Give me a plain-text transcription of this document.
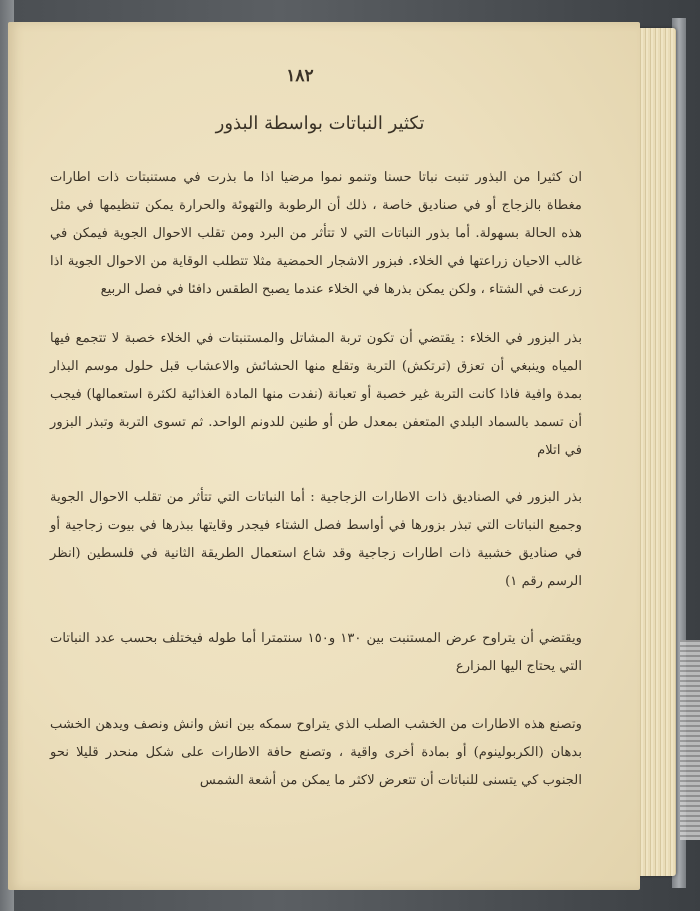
١٨٢
تكثير النباتات بواسطة البذور
ان كثيرا من البذور تنبت نباتا حسنا وتنمو نموا مرضيا اذا ما بذرت في مستنبتات ذات اطارات مغطاة بالزجاج أو في صناديق خاصة ، ذلك أن الرطوبة والتهوئة والحرارة يمكن تنظيمها في مثل هذه الحالة بسهولة. أما بذور النباتات التي لا تتأثر من البرد ومن تقلب الاحوال الجوية فيمكن في غالب الاحيان زراعتها في الخلاء. فبزور الاشجار الحمضية مثلا تتطلب الوقاية من الاحوال الجوية اذا زرعت في الشتاء ، ولكن يمكن بذرها في الخلاء عندما يصبح الطقس دافئا في فصل الربيع
بذر البزور في الخلاء : يقتضي أن تكون تربة المشاتل والمستنبتات في الخلاء خصبة لا تتجمع فيها المياه وينبغي أن تعزق (ترتكش) التربة وتقلع منها الحشائش والاعشاب قبل حلول موسم البذار بمدة وافية فاذا كانت التربة غير خصبة أو تعبانة (نفدت منها المادة الغذائية لكثرة استعمالها) فيجب أن تسمد بالسماد البلدي المتعفن بمعدل طن أو طنين للدونم الواحد. ثم تسوى التربة وتبذر البزور في اتلام
بذر البزور في الصناديق ذات الاطارات الزجاجية : أما النباتات التي تتأثر من تقلب الاحوال الجوية وجميع النباتات التي تبذر بزورها في أواسط فصل الشتاء فيجدر وقايتها ببذرها في بيوت زجاجية أو في صناديق خشبية ذات اطارات زجاجية وقد شاع استعمال الطريقة الثانية في فلسطين (انظر الرسم رقم ١)
ويقتضي أن يتراوح عرض المستنبت بين ١٣٠ و١٥٠ سنتمترا أما طوله فيختلف بحسب عدد النباتات التي يحتاج اليها المزارع
وتصنع هذه الاطارات من الخشب الصلب الذي يتراوح سمكه بين انش وانش ونصف ويدهن الخشب بدهان (الكربولينوم) أو بمادة أخرى واقية ، وتصنع حافة الاطارات على شكل منحدر قليلا نحو الجنوب كي يتسنى للنباتات أن تتعرض لاكثر ما يمكن من أشعة الشمس
